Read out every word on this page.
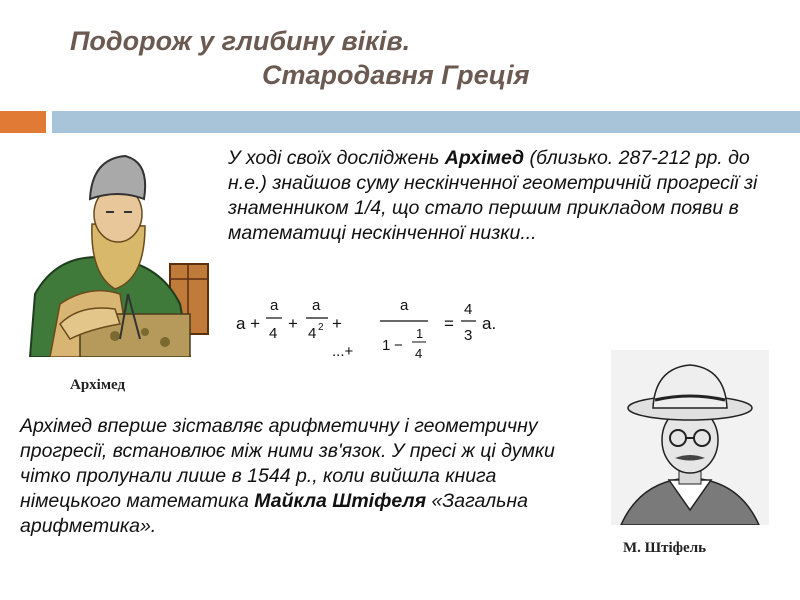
Подорож у глибину віків.
Стародавня Греція
Архімед
У ході своїх досліджень Архімед (близько. 287-212 рр. до н.е.) знайшов суму нескінченної геометричній прогресії зі знаменником 1/4, що стало першим прикладом появи в математиці нескінченної низки...
а +
a
4
+
a
4 2 +
...+
a
1 −
1
4
=
4
3
а.
Архімед вперше зіставляє арифметичну і геометричну прогресії, встановлює між ними зв'язок. У пресі ж ці думки чітко пролунали лише в 1544 р., коли вийшла книга німецького математика Майкла Штіфеля «Загальна арифметика».
М. Штіфель
